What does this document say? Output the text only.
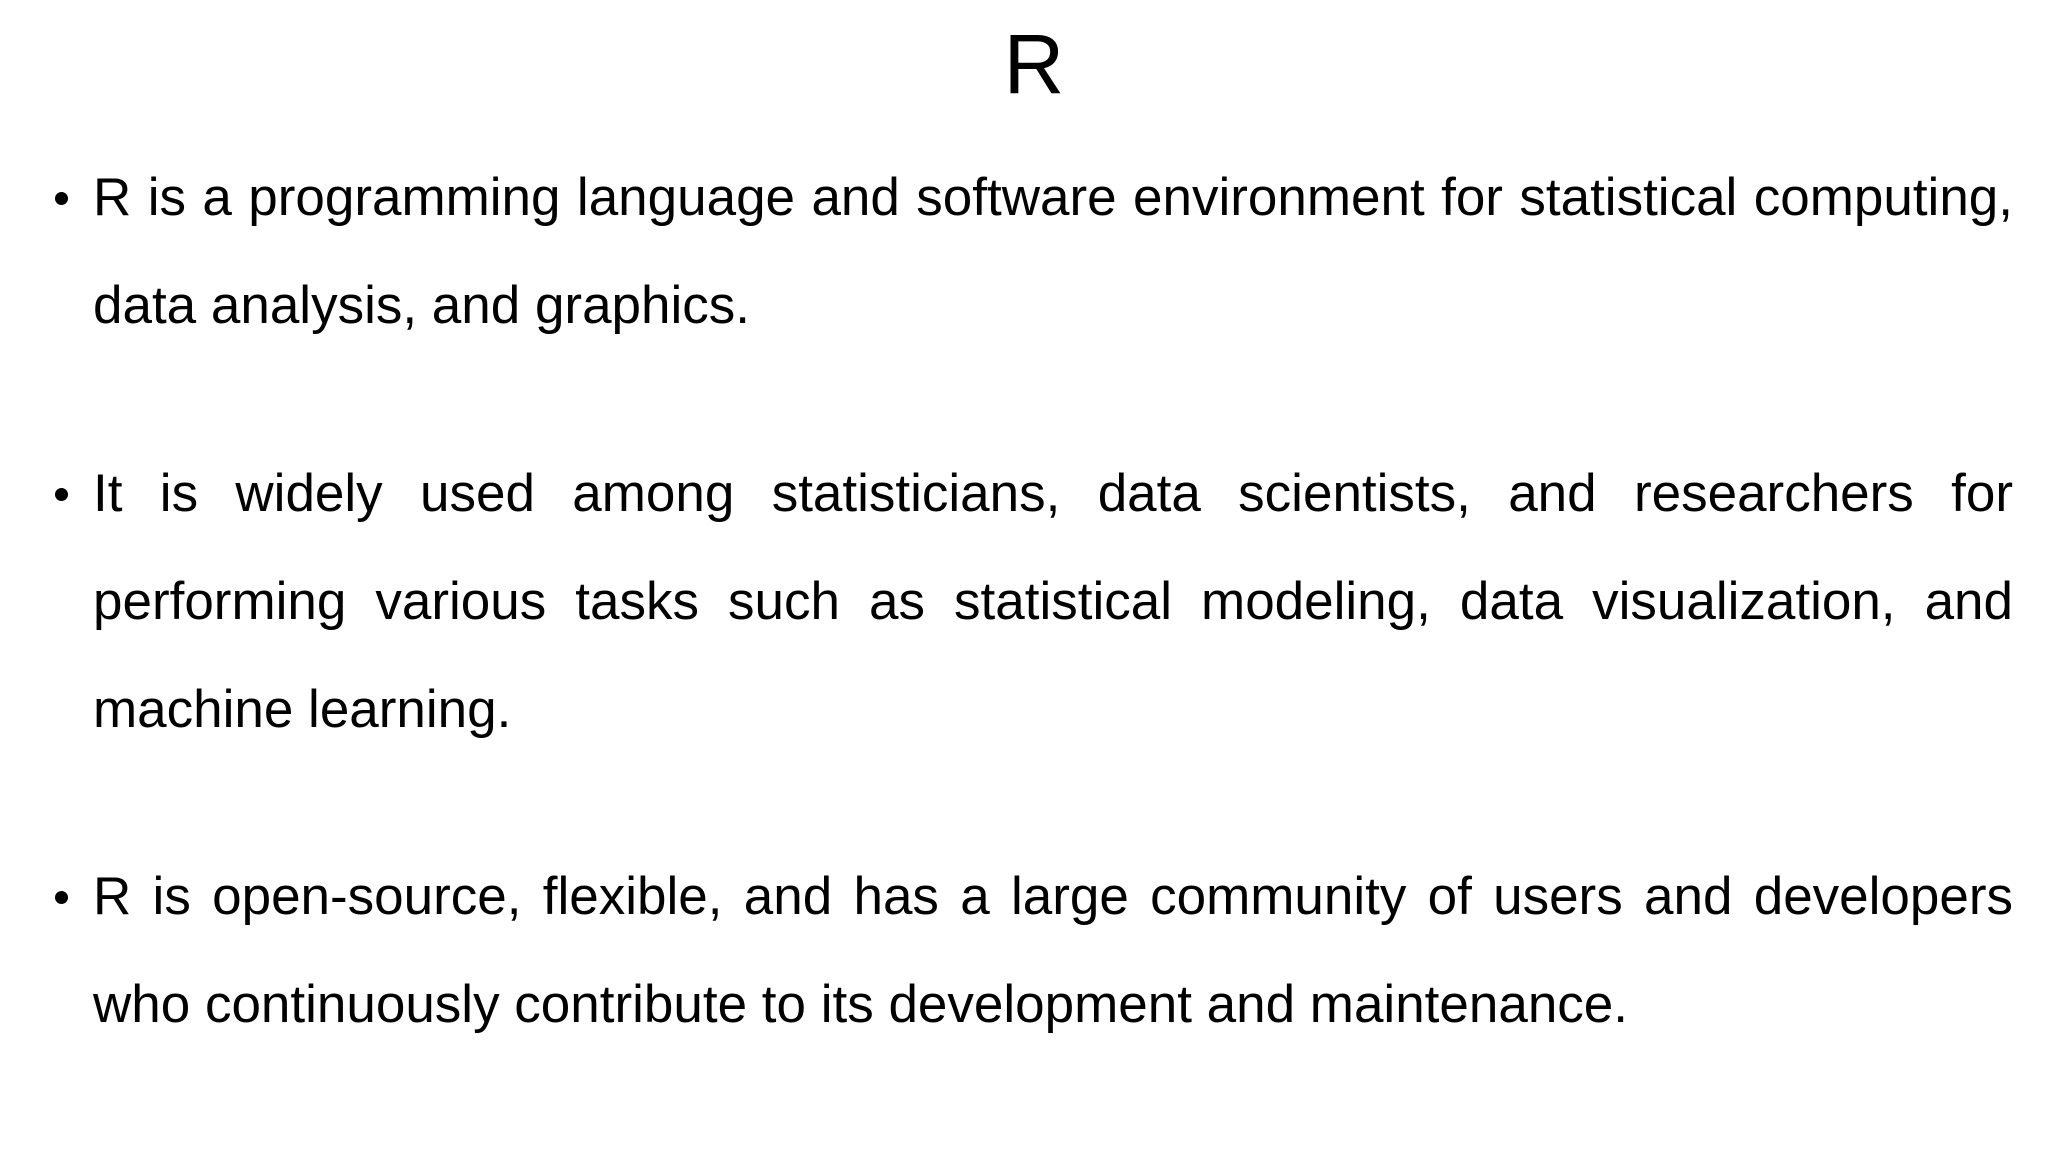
R

R is a programming language and software environment for statistical computing, data analysis, and graphics.

It is widely used among statisticians, data scientists, and researchers for performing various tasks such as statistical modeling, data visualization, and machine learning.

R is open-source, flexible, and has a large community of users and developers who continuously contribute to its development and maintenance.
